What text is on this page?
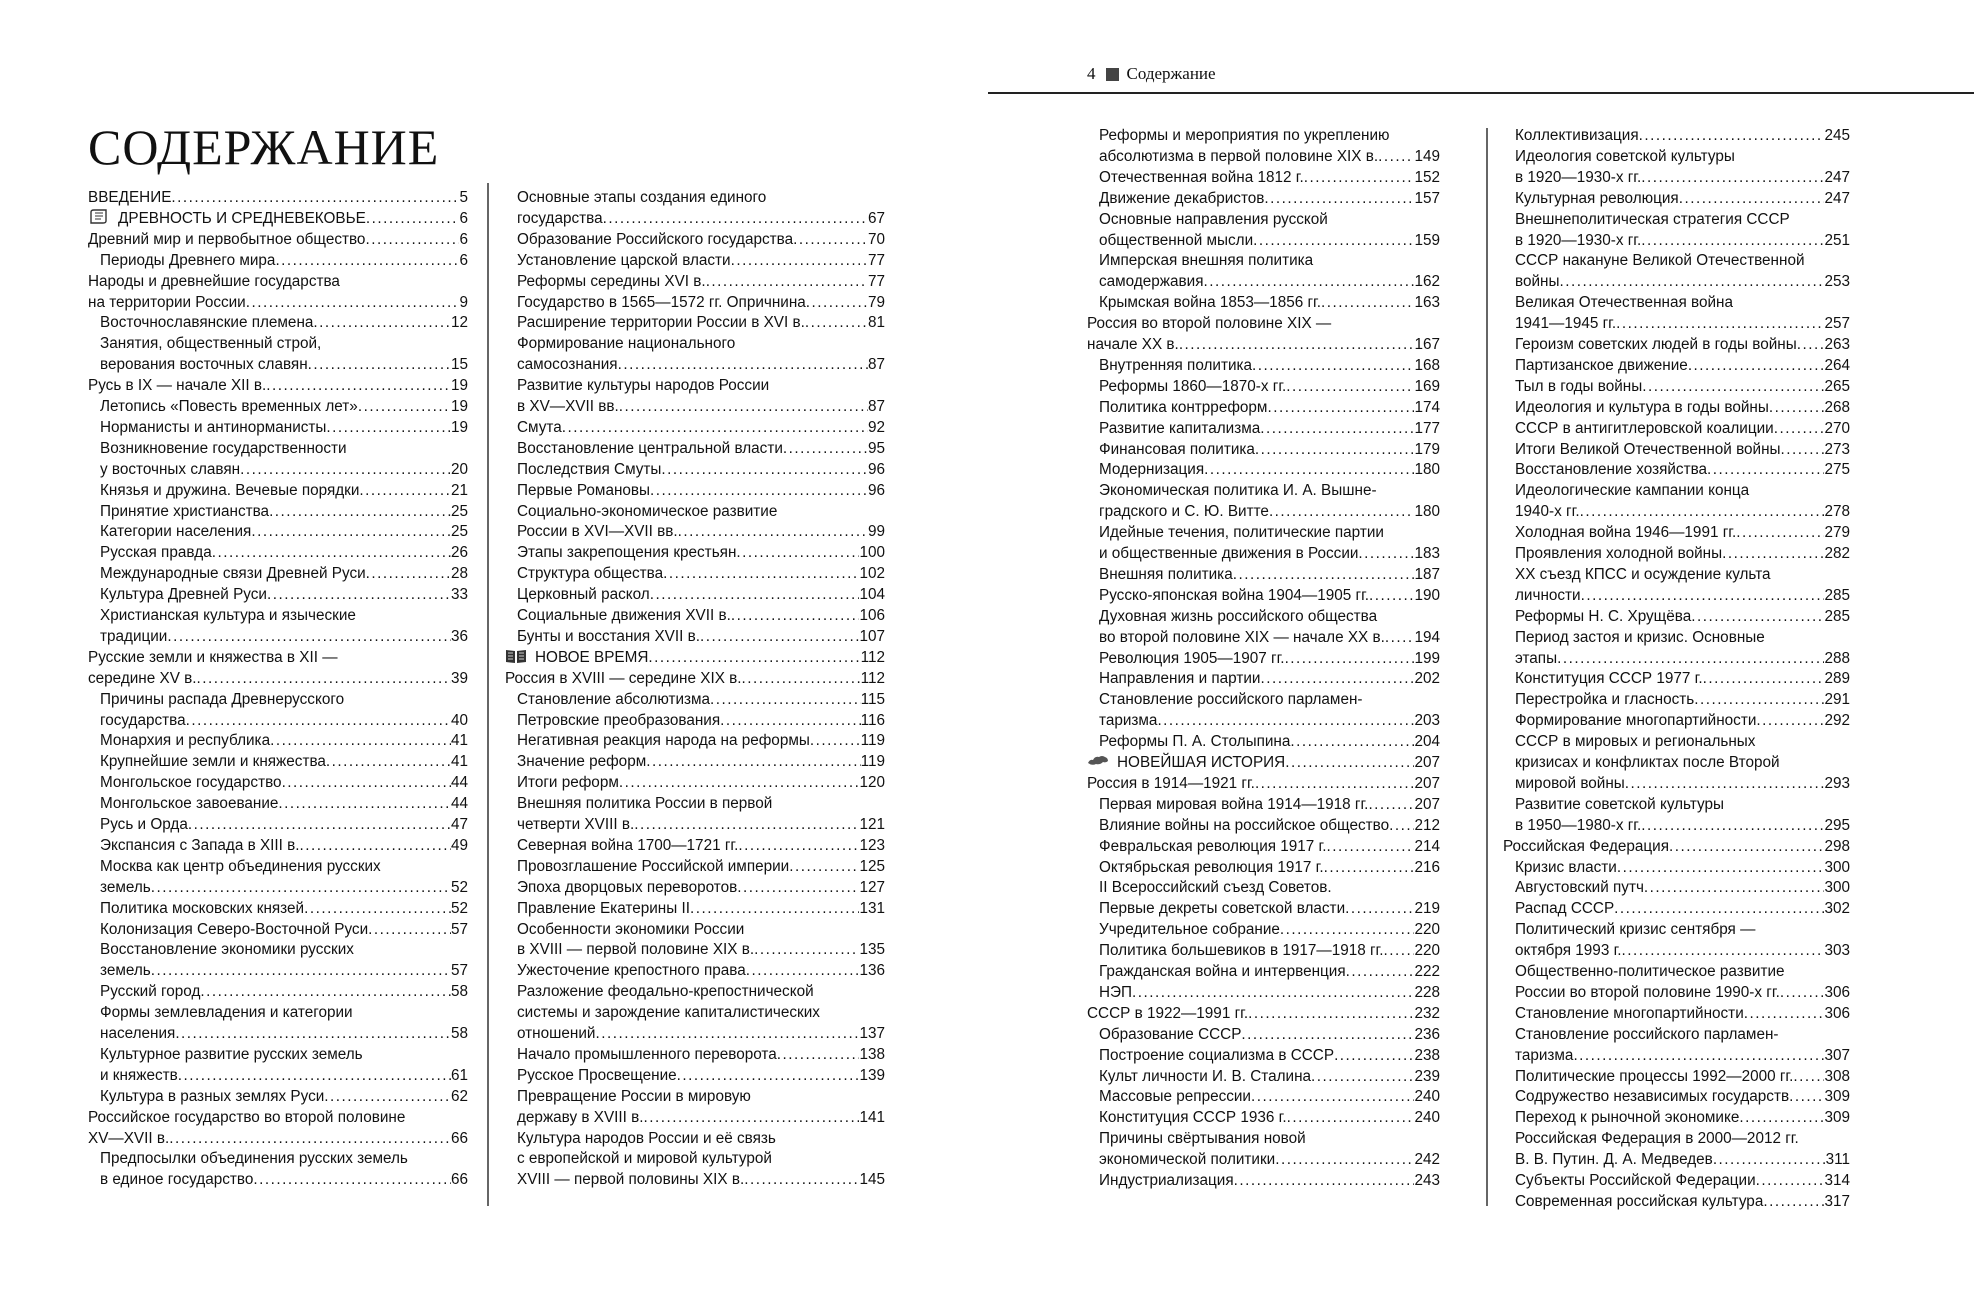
4 Содержание
СОДЕРЖАНИЕ
ВВЕДЕНИЕ .....	5
ДРЕВНОСТЬ И СРЕДНЕВЕКОВЬЕ .....	6
Древний мир и первобытное общество .....	6
Периоды Древнего мира .....	6
Народы и древнейшие государства
на территории России .....	9
Восточнославянские племена .....	12
Занятия, общественный строй,
верования восточных славян .....	15
Русь в IX — начале XII в. .....	19
Летопись «Повесть временных лет» .....	19
Норманисты и антинорманисты .....	19
Возникновение государственности
у восточных славян .....	20
Князья и дружина. Вечевые порядки .....	21
Принятие христианства .....	25
Категории населения .....	25
Русская правда .....	26
Международные связи Древней Руси .....	28
Культура Древней Руси .....	33
Христианская культура и языческие
традиции .....	36
Русские земли и княжества в XII —
середине XV в. .....	39
Причины распада Древнерусского
государства .....	40
Монархия и республика .....	41
Крупнейшие земли и княжества .....	41
Монгольское государство .....	44
Монгольское завоевание .....	44
Русь и Орда .....	47
Экспансия с Запада в XIII в. .....	49
Москва как центр объединения русских
земель .....	52
Политика московских князей .....	52
Колонизация Северо-Восточной Руси .....	57
Восстановление экономики русских
земель .....	57
Русский город .....	58
Формы землевладения и категории
населения .....	58
Культурное развитие русских земель
и княжеств .....	61
Культура в разных землях Руси .....	62
Российское государство во второй половине
XV—XVII в. .....	66
Предпосылки объединения русских земель
в единое государство .....	66
Основные этапы создания единого
государства .....	67
Образование Российского государства .....	70
Установление царской власти .....	77
Реформы середины XVI в. .....	77
Государство в 1565—1572 гг. Опричнина .....	79
Расширение территории России в XVI в. .....	81
Формирование национального
самосознания .....	87
Развитие культуры народов России
в XV—XVII вв. .....	87
Смута .....	92
Восстановление центральной власти .....	95
Последствия Смуты .....	96
Первые Романовы .....	96
Социально-экономическое развитие
России в XVI—XVII вв. .....	99
Этапы закрепощения крестьян .....	100
Структура общества .....	102
Церковный раскол .....	104
Социальные движения XVII в. .....	106
Бунты и восстания XVII в. .....	107
НОВОЕ ВРЕМЯ .....	112
Россия в XVIII — середине XIX в. .....	112
Становление абсолютизма .....	115
Петровские преобразования .....	116
Негативная реакция народа на реформы .....	119
Значение реформ .....	119
Итоги реформ .....	120
Внешняя политика России в первой
четверти XVIII в. .....	121
Северная война 1700—1721 гг. .....	123
Провозглашение Российской империи .....	125
Эпоха дворцовых переворотов .....	127
Правление Екатерины II .....	131
Особенности экономики России
в XVIII — первой половине XIX в. .....	135
Ужесточение крепостного права .....	136
Разложение феодально-крепостнической
системы и зарождение капиталистических
отношений .....	137
Начало промышленного переворота .....	138
Русское Просвещение .....	139
Превращение России в мировую
державу в XVIII в. .....	141
Культура народов России и её связь
с европейской и мировой культурой
XVIII — первой половины XIX в. .....	145
Реформы и мероприятия по укреплению
абсолютизма в первой половине XIX в. ..... 149
Отечественная война 1812 г. .....	152
Движение декабристов .....	157
Основные направления русской
общественной мысли .....	159
Имперская внешняя политика
самодержавия .....	162
Крымская война 1853—1856 гг. .....	163
Россия во второй половине XIX —
начале XX в. .....	167
Внутренняя политика .....	168
Реформы 1860—1870-х гг. .....	169
Политика контрреформ .....	174
Развитие капитализма .....	177
Финансовая политика .....	179
Модернизация .....	180
Экономическая политика И. А. Вышне-
градского и С. Ю. Витте .....	180
Идейные течения, политические партии
и общественные движения в России .....	183
Внешняя политика .....	187
Русско-японская война 1904—1905 гг. .....	190
Духовная жизнь российского общества
во второй половине XIX — начале XX в. ..... 194
Революция 1905—1907 гг. .....	199
Направления и партии .....	202
Становление российского парламен-
таризма .....	203
Реформы П. А. Столыпина .....	204
НОВЕЙШАЯ ИСТОРИЯ .....	207
Россия в 1914—1921 гг. .....	207
Первая мировая война 1914—1918 гг. .....	207
Влияние войны на российское общество ..... 212
Февральская революция 1917 г. .....	214
Октябрьская революция 1917 г. .....	216
II Всероссийский съезд Советов.
Первые декреты советской власти .....	219
Учредительное собрание .....	220
Политика большевиков в 1917—1918 гг. ..... 220
Гражданская война и интервенция .....	222
НЭП .....	228
СССР в 1922—1991 гг. .....	232
Образование СССР .....	236
Построение социализма в СССР .....	238
Культ личности И. В. Сталина .....	239
Массовые репрессии .....	240
Конституция СССР 1936 г. .....	240
Причины свёртывания новой
экономической политики .....	242
Индустриализация .....	243
Коллективизация .....	245
Идеология советской культуры
в 1920—1930-х гг. .....	247
Культурная революция .....	247
Внешнеполитическая стратегия СССР
в 1920—1930-х гг. .....	251
СССР накануне Великой Отечественной
войны .....	253
Великая Отечественная война
1941—1945 гг. .....	257
Героизм советских людей в годы войны ..... 263
Партизанское движение .....	264
Тыл в годы войны .....	265
Идеология и культура в годы войны .....	268
СССР в антигитлеровской коалиции .....	270
Итоги Великой Отечественной войны .....	273
Восстановление хозяйства .....	275
Идеологические кампании конца
1940-х гг. .....	278
Холодная война 1946—1991 гг. .....	279
Проявления холодной войны .....	282
XX съезд КПСС и осуждение культа
личности .....	285
Реформы Н. С. Хрущёва .....	285
Период застоя и кризис. Основные
этапы .....	288
Конституция СССР 1977 г. .....	289
Перестройка и гласность .....	291
Формирование многопартийности .....	292
СССР в мировых и региональных
кризисах и конфликтах после Второй
мировой войны .....	293
Развитие советской культуры
в 1950—1980-х гг. .....	295
Российская Федерация .....	298
Кризис власти .....	300
Августовский путч .....	300
Распад СССР .....	302
Политический кризис сентября —
октября 1993 г. .....	303
Общественно-политическое развитие
России во второй половине 1990-х гг. .....	306
Становление многопартийности .....	306
Становление российского парламен-
таризма .....	307
Политические процессы 1992—2000 гг. ..... 308
Содружество независимых государств ..... 309
Переход к рыночной экономике .....	309
Российская Федерация в 2000—2012 гг.
В. В. Путин. Д. А. Медведев .....	311
Субъекты Российской Федерации .....	314
Современная российская культура .....	317
